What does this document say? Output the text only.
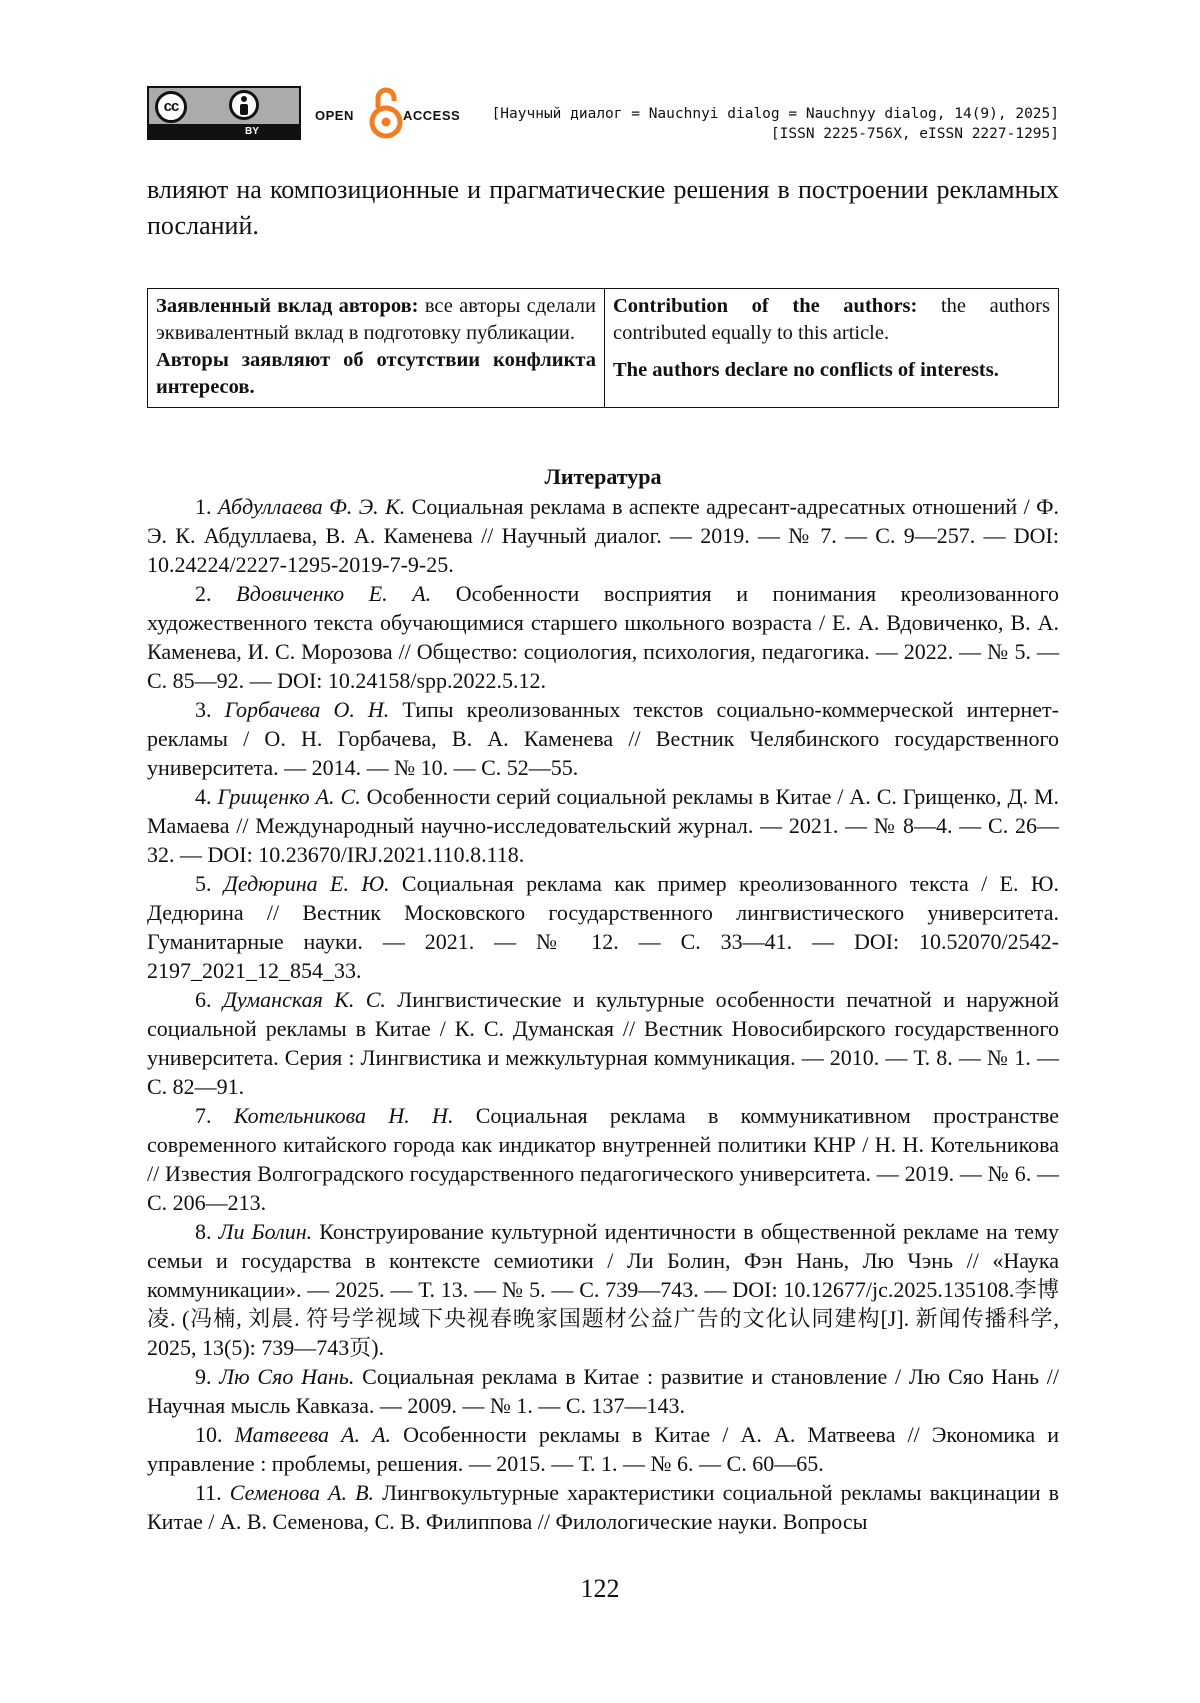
cc
BY
OPEN	ACCESS [Научный диалог = Nauchnyi dialog = Nauchnyy dialog, 14(9), 2025]
[ISSN 2225-756X, eISSN 2227-1295]

влияют на композиционные и прагматические решения в построении рекламных посланий.

Заявленный вклад авторов: все авторы сделали эквивалентный вклад в подготовку публикации.
Авторы заявляют об отсутствии конфликта интересов.

Contribution of the authors: the authors contributed equally to this article.
The authors declare no conflicts of interests.
Литература

1. Абдуллаева Ф. Э. К. Социальная реклама в аспекте адресант-адресатных отношений / Ф. Э. К. Абдуллаева, В. А. Каменева // Научный диалог. — 2019. — № 7. — С. 9—257. — DOI: 10.24224/2227-1295-2019-7-9-25.

2. Вдовиченко Е. А. Особенности восприятия и понимания креолизованного художественного текста обучающимися старшего школьного возраста / Е. А. Вдовиченко, В. А. Каменева, И. С. Морозова // Общество: социология, психология, педагогика. — 2022. — № 5. — С. 85—92. — DOI: 10.24158/spp.2022.5.12.

3. Горбачева О. Н. Типы креолизованных текстов социально-коммерческой интернет-рекламы / О. Н. Горбачева, В. А. Каменева // Вестник Челябинского государственного университета. — 2014. — № 10. — С. 52—55.

4. Грищенко А. С. Особенности серий социальной рекламы в Китае / А. С. Грищенко, Д. М. Мамаева // Международный научно-исследовательский журнал. — 2021. — № 8—4. — С. 26—32. — DOI: 10.23670/IRJ.2021.110.8.118.

5. Дедюрина Е. Ю. Социальная реклама как пример креолизованного текста / Е. Ю. Дедюрина // Вестник Московского государственного лингвистического университета. Гуманитарные науки. — 2021. — № 12. — С. 33—41. — DOI: 10.52070/2542-2197_2021_12_854_33.

6. Думанская К. С. Лингвистические и культурные особенности печатной и наружной социальной рекламы в Китае / К. С. Думанская // Вестник Новосибирского государственного университета. Серия : Лингвистика и межкультурная коммуникация. — 2010. — Т. 8. — № 1. — С. 82—91.

7. Котельникова Н. Н. Социальная реклама в коммуникативном пространстве современного китайского города как индикатор внутренней политики КНР / Н. Н. Котельникова // Известия Волгоградского государственного педагогического университета. — 2019. — № 6. — С. 206—213.

8. Ли Болин. Конструирование культурной идентичности в общественной рекламе на тему семьи и государства в контексте семиотики / Ли Болин, Фэн Нань, Лю Чэнь // «Наука коммуникации». — 2025. — Т. 13. — № 5. — С. 739—743. — DOI: 10.12677/jc.2025.135108.李博凌. (冯楠, 刘晨. 符号学视域下央视春晚家国题材公益广告的文化认同建构[J]. 新闻传播科学, 2025, 13(5): 739—743页).

9. Лю Сяо Нань. Социальная реклама в Китае : развитие и становление / Лю Сяо Нань // Научная мысль Кавказа. — 2009. — № 1. — С. 137—143.

10. Матвеева А. А. Особенности рекламы в Китае / А. А. Матвеева // Экономика и управление : проблемы, решения. — 2015. — Т. 1. — № 6. — С. 60—65.

11. Семенова А. В. Лингвокультурные характеристики социальной рекламы вакцинации в Китае / А. В. Семенова, С. В. Филиппова // Филологические науки. Вопросы

122
